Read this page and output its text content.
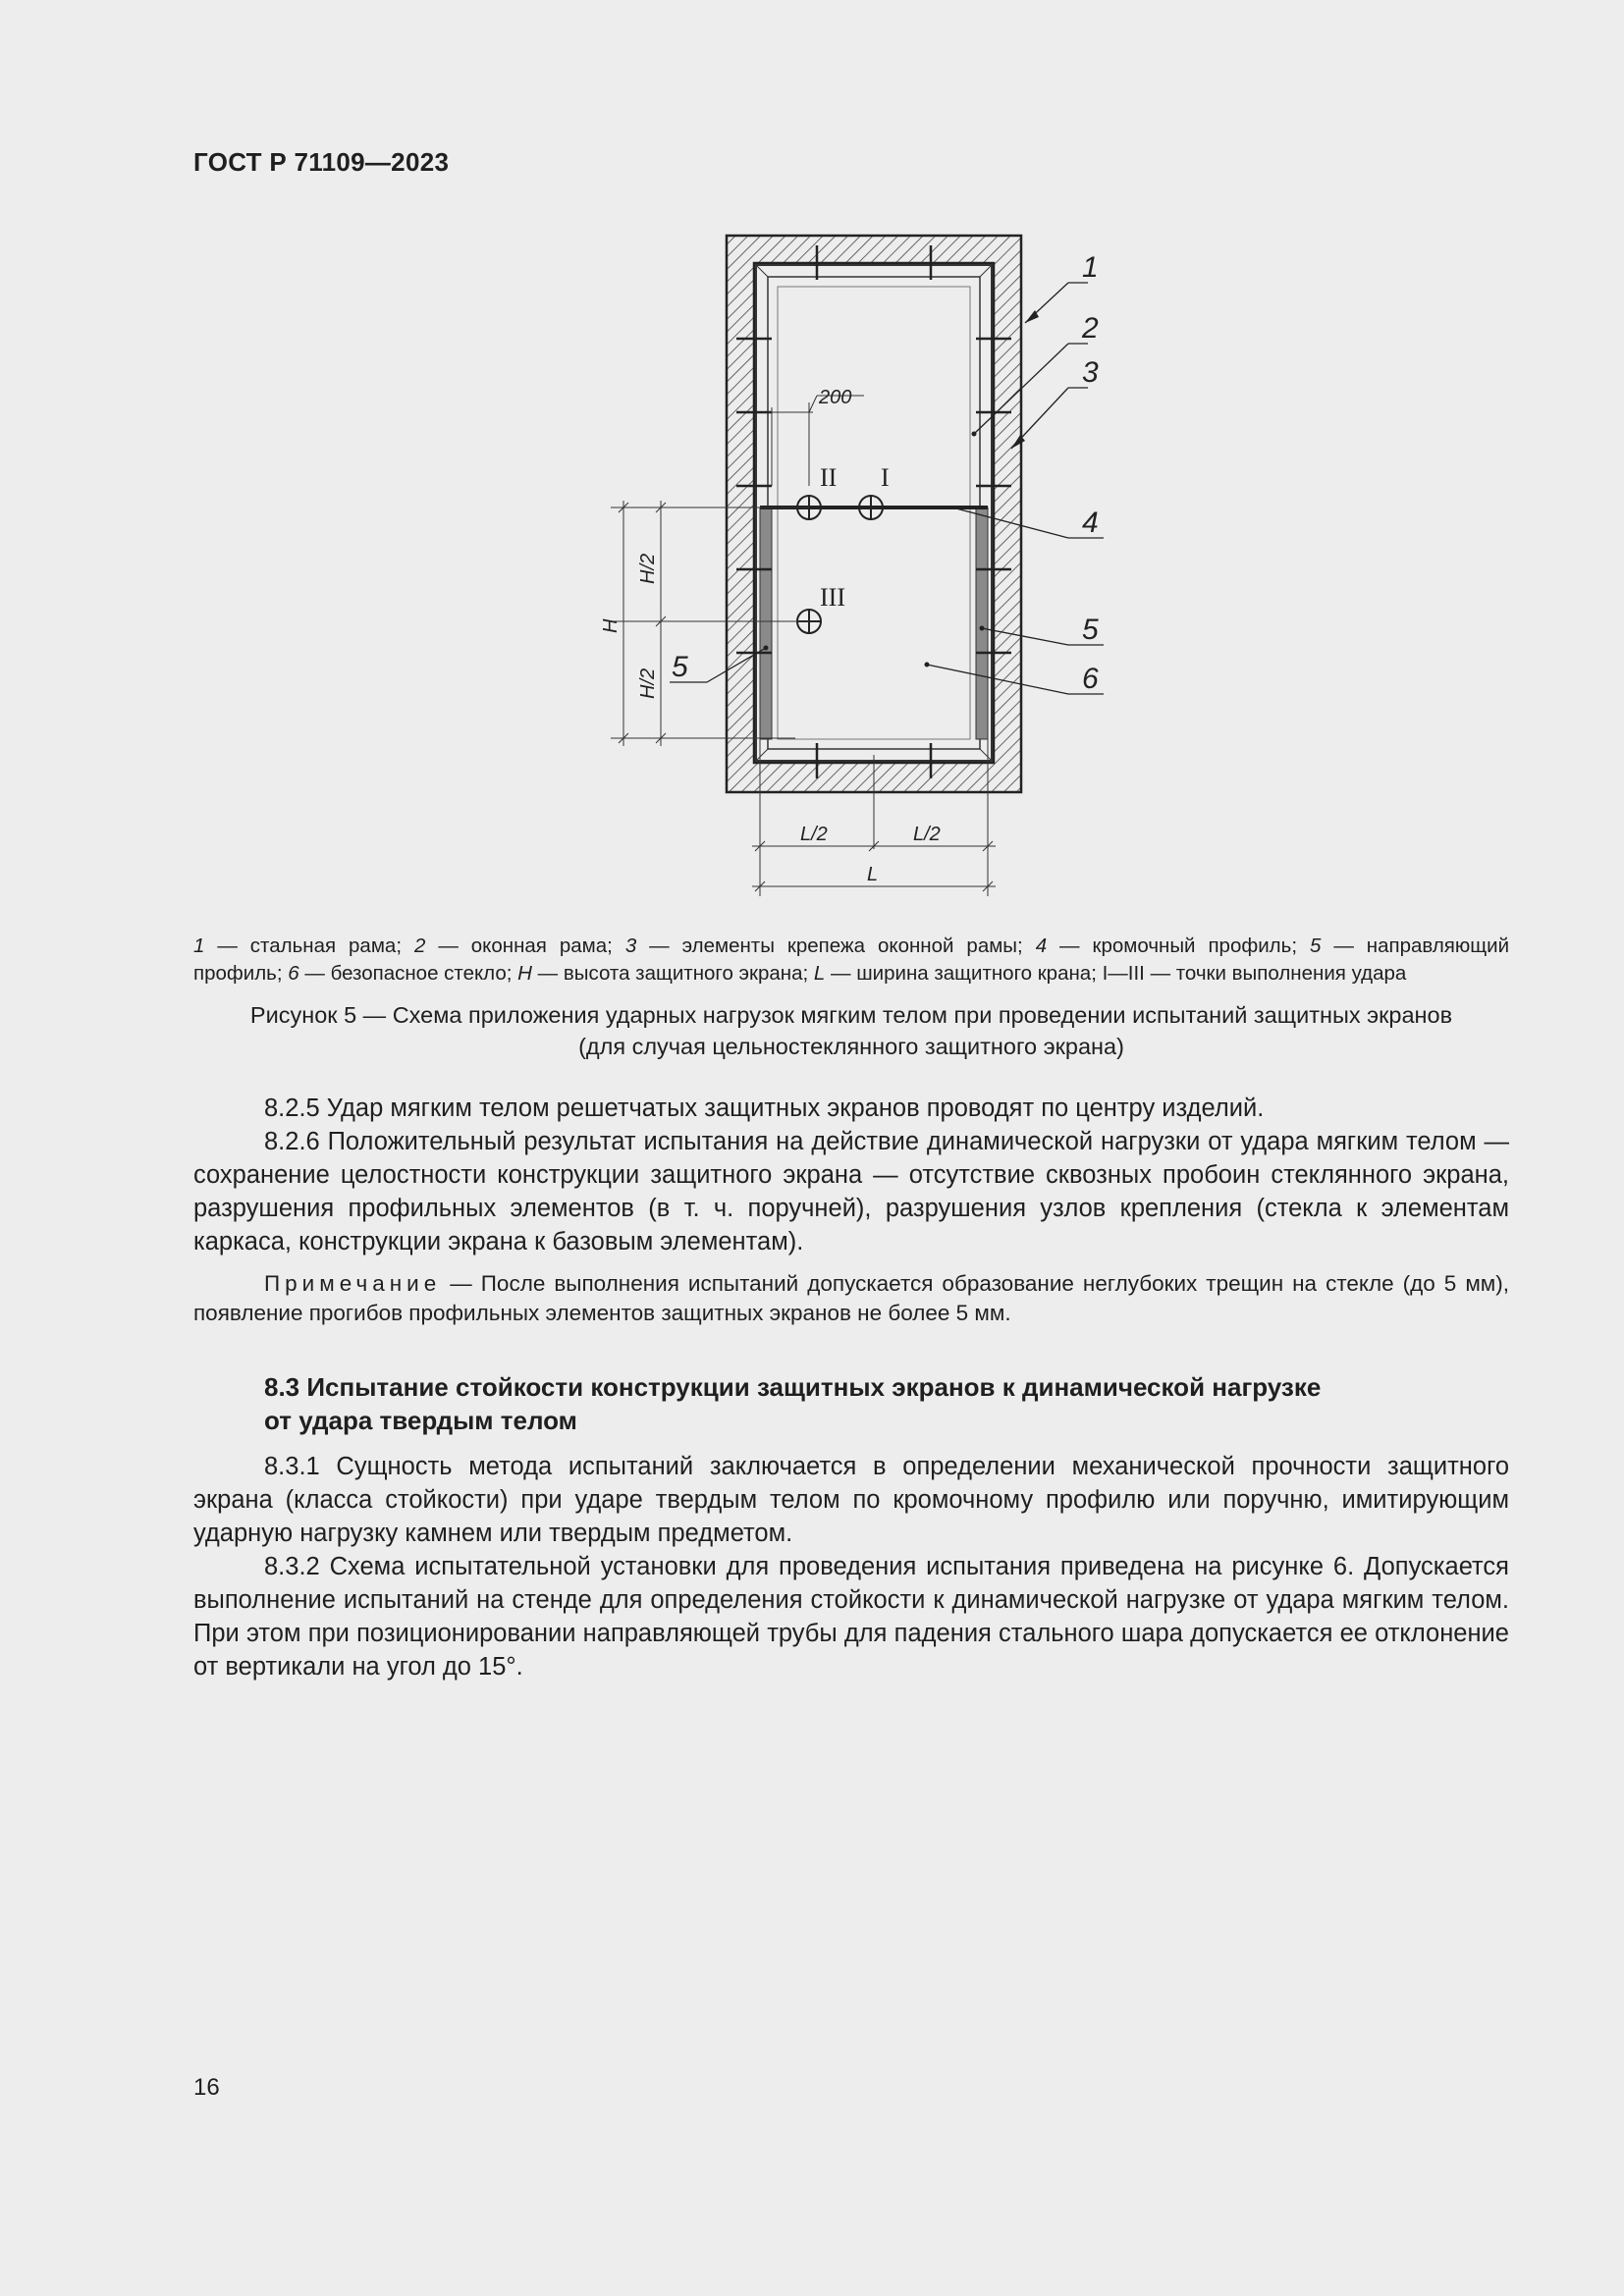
ГОСТ Р 71109—2023
200
II I
III
H/2
H/2
H
L/2	L/2
L
1
2
3
4
5
5	6

1 — стальная рама; 2 — оконная рама; 3 — элементы крепежа оконной рамы; 4 — кромочный профиль; 5 — направляющий

профиль; 6 — безопасное стекло; H — высота защитного экрана; L — ширина защитного крана; I—III — точки выполнения удара

Рисунок 5 — Схема приложения ударных нагрузок мягким телом при проведении испытаний защитных экранов

(для случая цельностеклянного защитного экрана)

8.2.5 Удар мягким телом решетчатых защитных экранов проводят по центру изделий.

8.2.6 Положительный результат испытания на действие динамической нагрузки от удара мягким телом — сохранение целостности конструкции защитного экрана — отсутствие сквозных пробоин стеклянного экрана, разрушения профильных элементов (в т. ч. поручней), разрушения узлов крепления (стекла к элементам каркаса, конструкции экрана к базовым элементам).

Примечание — После выполнения испытаний допускается образование неглубоких трещин на стекле (до 5 мм), появление прогибов профильных элементов защитных экранов не более 5 мм.

8.3 Испытание стойкости конструкции защитных экранов к динамической нагрузке

от удара твердым телом

8.3.1 Сущность метода испытаний заключается в определении механической прочности защитного экрана (класса стойкости) при ударе твердым телом по кромочному профилю или поручню, имитирующим ударную нагрузку камнем или твердым предметом.

8.3.2 Схема испытательной установки для проведения испытания приведена на рисунке 6. Допускается выполнение испытаний на стенде для определения стойкости к динамической нагрузке от удара мягким телом. При этом при позиционировании направляющей трубы для падения стального шара допускается ее отклонение от вертикали на угол до 15°.

16
